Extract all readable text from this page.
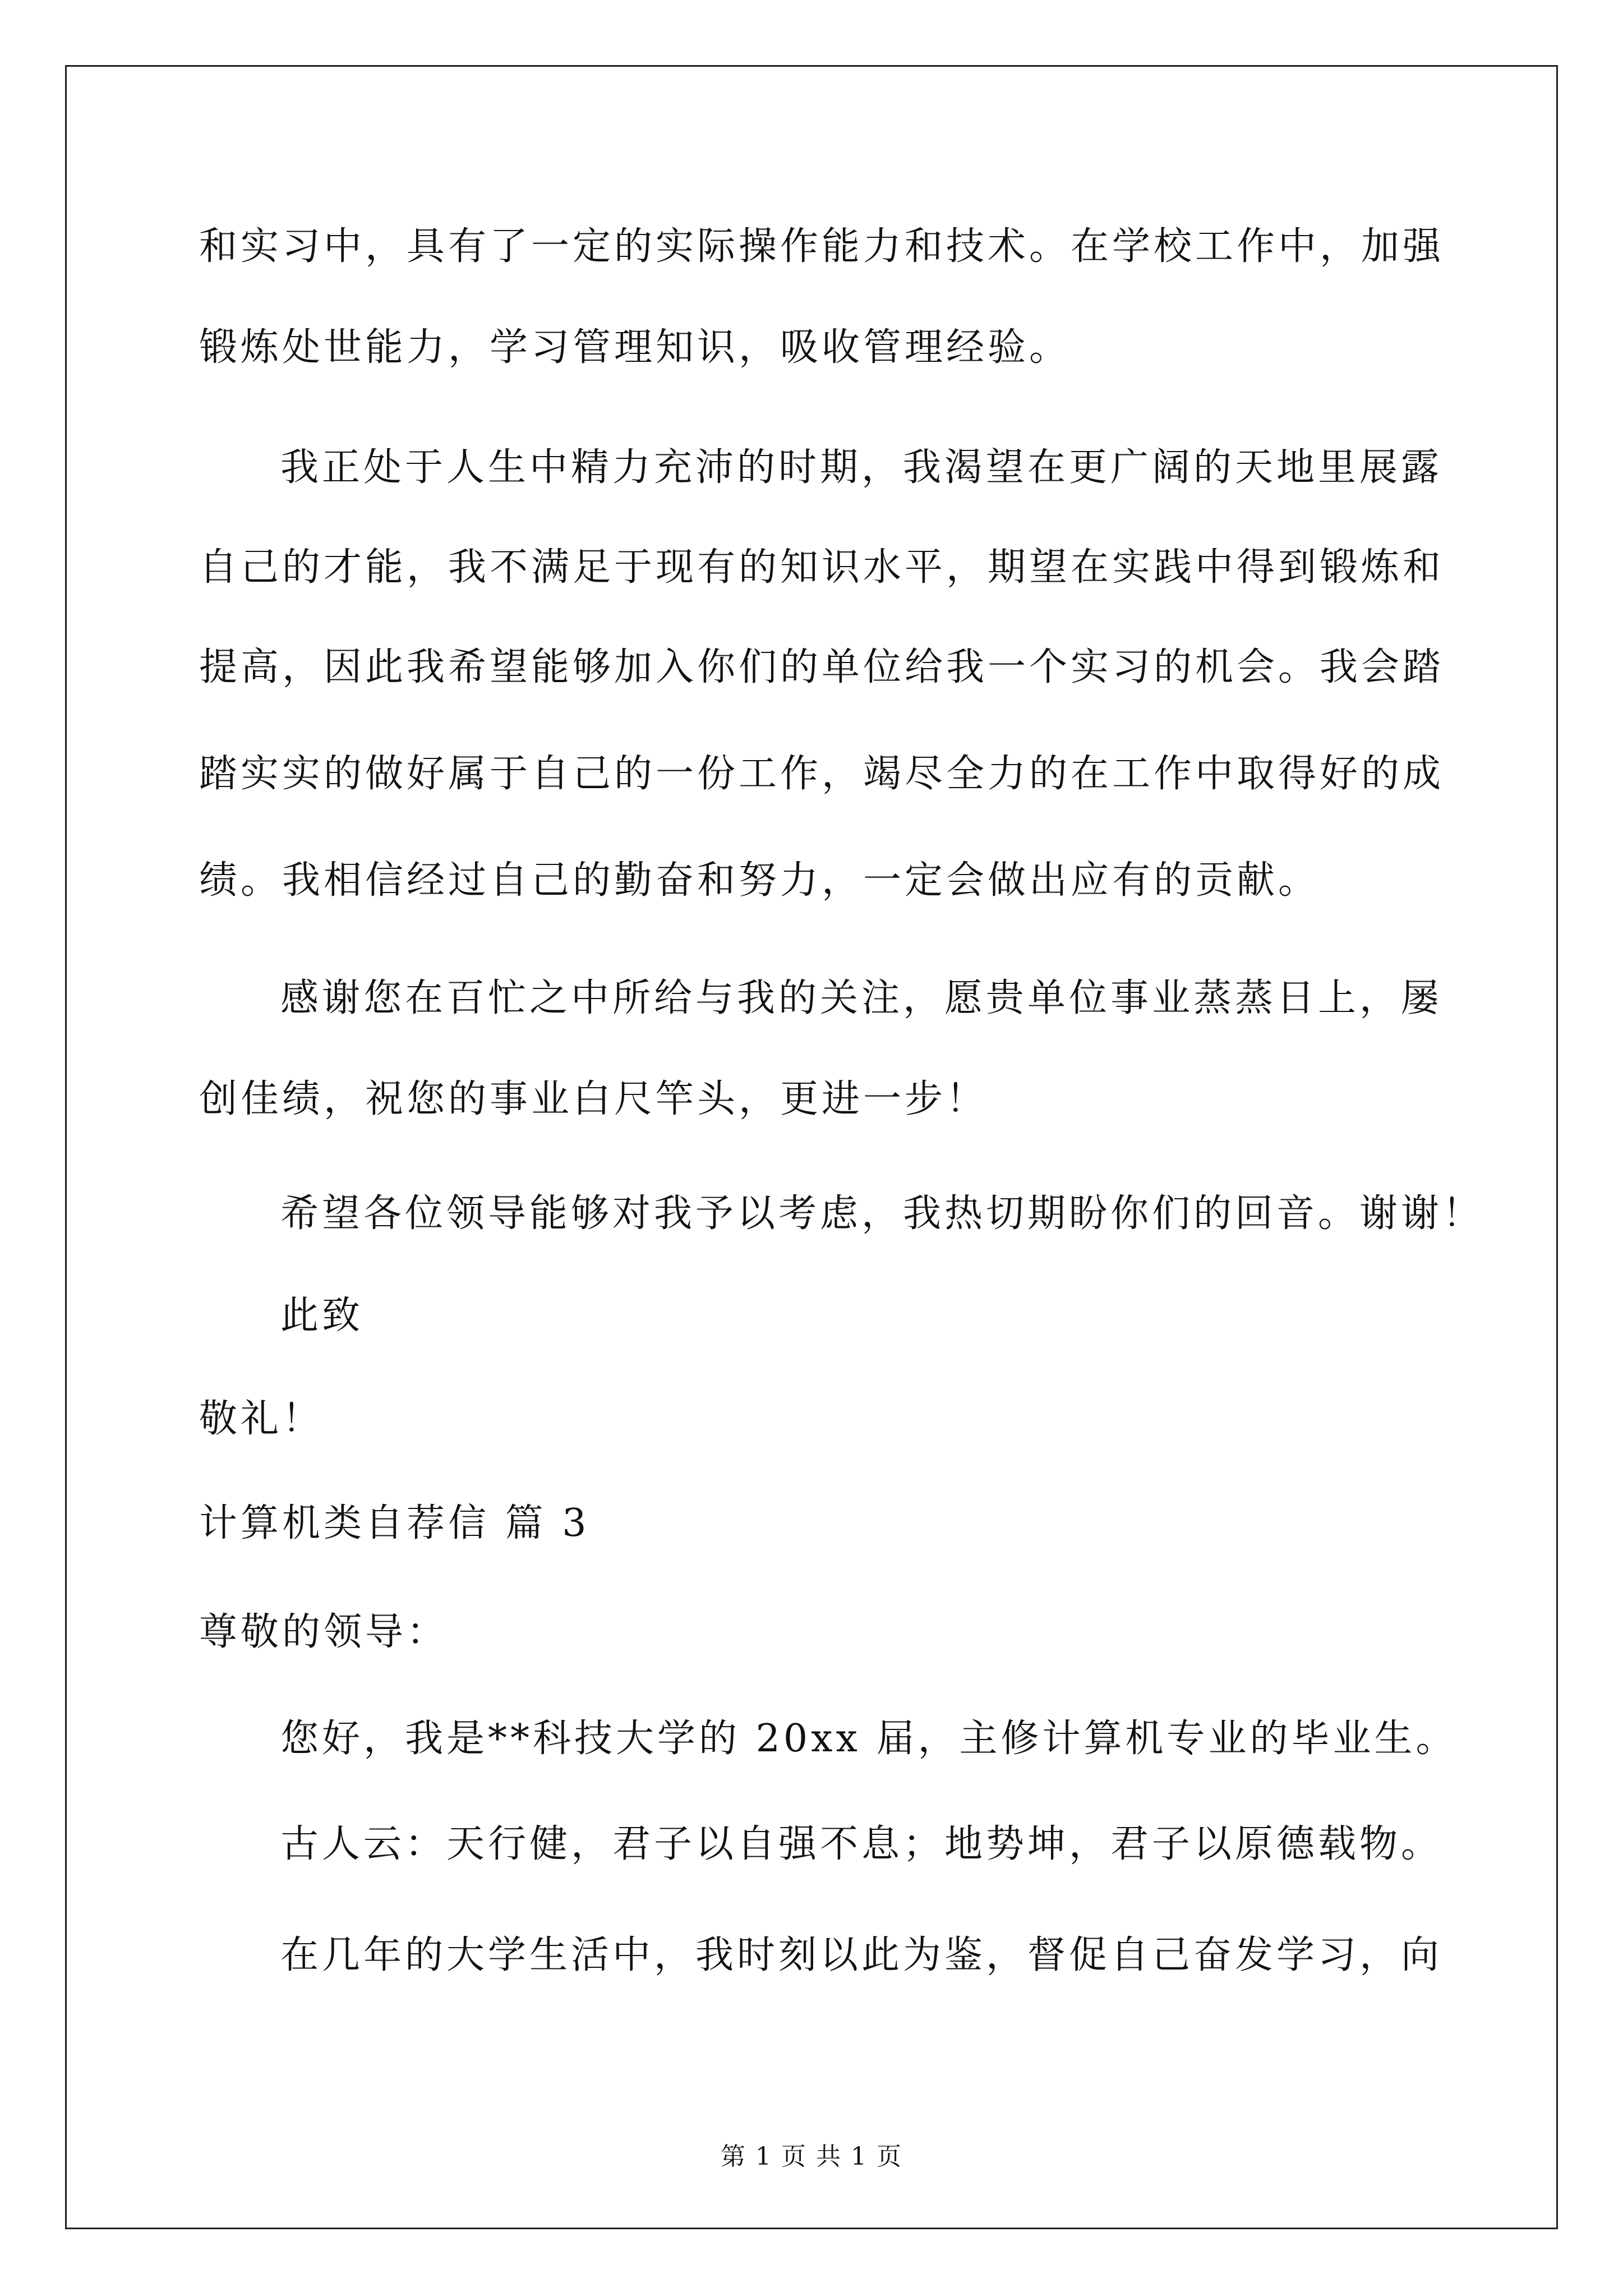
和实习中，具有了一定的实际操作能力和技术。在学校工作中，加强
锻炼处世能力，学习管理知识，吸收管理经验。
我正处于人生中精力充沛的时期，我渴望在更广阔的天地里展露
自己的才能，我不满足于现有的知识水平，期望在实践中得到锻炼和
提高，因此我希望能够加入你们的单位给我一个实习的机会。我会踏
踏实实的做好属于自己的一份工作，竭尽全力的在工作中取得好的成
绩。我相信经过自己的勤奋和努力，一定会做出应有的贡献。
感谢您在百忙之中所给与我的关注，愿贵单位事业蒸蒸日上，屡
创佳绩，祝您的事业白尺竿头，更进一步！
希望各位领导能够对我予以考虑，我热切期盼你们的回音。谢谢！
此致
敬礼！
计算机类自荐信 篇 3
尊敬的领导：
您好，我是**科技大学的 20xx 届，主修计算机专业的毕业生。
古人云：天行健，君子以自强不息；地势坤，君子以原德载物。
在几年的大学生活中，我时刻以此为鉴，督促自己奋发学习，向
第 1 页 共 1 页
